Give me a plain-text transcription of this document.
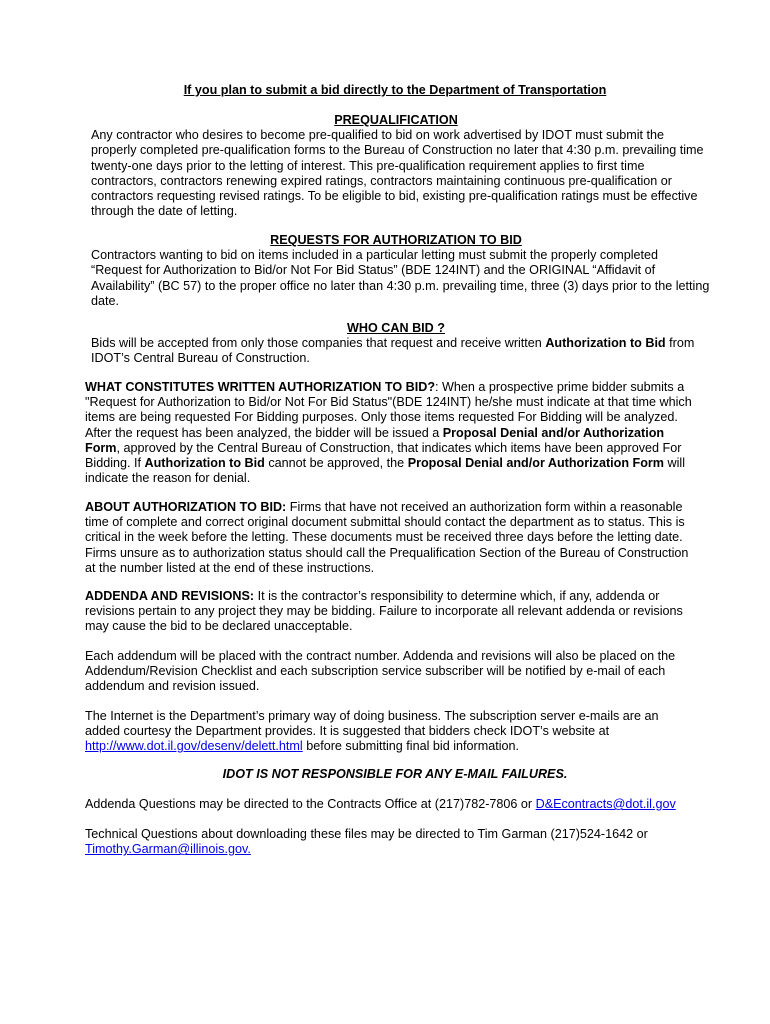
If you plan to submit a bid directly to the Department of Transportation
PREQUALIFICATION

Any contractor who desires to become pre-qualified to bid on work advertised by IDOT must submit the properly completed pre-qualification forms to the Bureau of Construction no later that 4:30 p.m. prevailing time twenty-one days prior to the letting of interest. This pre-qualification requirement applies to first time contractors, contractors renewing expired ratings, contractors maintaining continuous pre-qualification or contractors requesting revised ratings. To be eligible to bid, existing pre-qualification ratings must be effective through the date of letting.

REQUESTS FOR AUTHORIZATION TO BID

Contractors wanting to bid on items included in a particular letting must submit the properly completed “Request for Authorization to Bid/or Not For Bid Status” (BDE 124INT) and the ORIGINAL “Affidavit of Availability” (BC 57) to the proper office no later than 4:30 p.m. prevailing time, three (3) days prior to the letting date.

WHO CAN BID ?

Bids will be accepted from only those companies that request and receive written Authorization to Bid from IDOT’s Central Bureau of Construction.

WHAT CONSTITUTES WRITTEN AUTHORIZATION TO BID?: When a prospective prime bidder submits a "Request for Authorization to Bid/or Not For Bid Status"(BDE 124INT) he/she must indicate at that time which items are being requested For Bidding purposes. Only those items requested For Bidding will be analyzed. After the request has been analyzed, the bidder will be issued a Proposal Denial and/or Authorization Form, approved by the Central Bureau of Construction, that indicates which items have been approved For Bidding. If Authorization to Bid cannot be approved, the Proposal Denial and/or Authorization Form will indicate the reason for denial.

ABOUT AUTHORIZATION TO BID: Firms that have not received an authorization form within a reasonable time of complete and correct original document submittal should contact the department as to status. This is critical in the week before the letting. These documents must be received three days before the letting date. Firms unsure as to authorization status should call the Prequalification Section of the Bureau of Construction at the number listed at the end of these instructions.

ADDENDA AND REVISIONS: It is the contractor’s responsibility to determine which, if any, addenda or revisions pertain to any project they may be bidding. Failure to incorporate all relevant addenda or revisions may cause the bid to be declared unacceptable.

Each addendum will be placed with the contract number. Addenda and revisions will also be placed on the Addendum/Revision Checklist and each subscription service subscriber will be notified by e-mail of each addendum and revision issued.

The Internet is the Department’s primary way of doing business. The subscription server e-mails are an added courtesy the Department provides. It is suggested that bidders check IDOT’s website at http://www.dot.il.gov/desenv/delett.html before submitting final bid information.

IDOT IS NOT RESPONSIBLE FOR ANY E-MAIL FAILURES.

Addenda Questions may be directed to the Contracts Office at (217)782-7806 or D&Econtracts@dot.il.gov

Technical Questions about downloading these files may be directed to Tim Garman (217)524-1642 or Timothy.Garman@illinois.gov.
